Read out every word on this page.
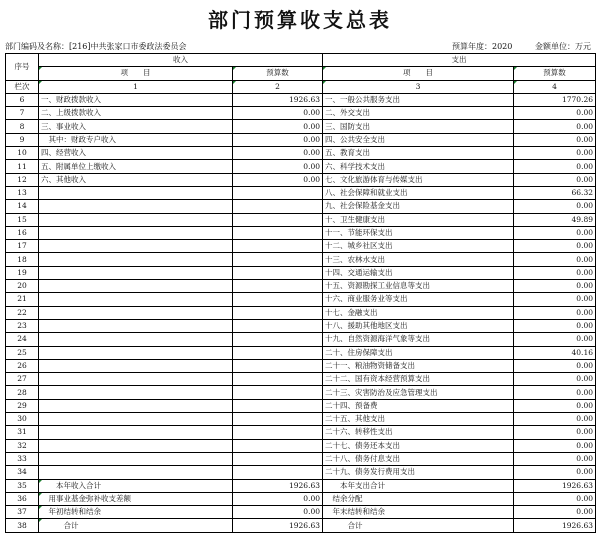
部门预算收支总表
部门编码及名称：[216]中共张家口市委政法委员会	预算年度：2020	金额单位：万元
序号	收入		支出	
	项　　目	预算数	项　　目	预算数
栏次	1	2	3	4
6	一、财政拨款收入	1926.63	一、一般公共服务支出	1770.26
7	二、上级拨款收入	0.00	二、外交支出	0.00
8	三、事业收入	0.00	三、国防支出	0.00
9	　其中：财政专户收入	0.00	四、公共安全支出	0.00
10	四、经营收入	0.00	五、教育支出	0.00
11	五、附属单位上缴收入	0.00	六、科学技术支出	0.00
12	六、其他收入	0.00	七、文化旅游体育与传媒支出	0.00
13			八、社会保障和就业支出	66.32
14			九、社会保险基金支出	0.00
15			十、卫生健康支出	49.89
16			十一、节能环保支出	0.00
17			十二、城乡社区支出	0.00
18			十三、农林水支出	0.00
19			十四、交通运输支出	0.00
20			十五、资源勘探工业信息等支出	0.00
21			十六、商业服务业等支出	0.00
22			十七、金融支出	0.00
23			十八、援助其他地区支出	0.00
24			十九、自然资源海洋气象等支出	0.00
25			二十、住房保障支出	40.16
26			二十一、粮油物资储备支出	0.00
27			二十二、国有资本经营预算支出	0.00
28			二十三、灾害防治及应急管理支出	0.00
29			二十四、预备费	0.00
30			二十五、其他支出	0.00
31			二十六、转移性支出	0.00
32			二十七、债务还本支出	0.00
33			二十八、债务付息支出	0.00
34			二十九、债务发行费用支出	0.00
35	　　本年收入合计	1926.63	　　本年支出合计	1926.63
36	　用事业基金弥补收支差额	0.00	　结余分配	0.00
37	　年初结转和结余	0.00	　年末结转和结余	0.00
38	　　　合计	1926.63	　　　合计	1926.63
